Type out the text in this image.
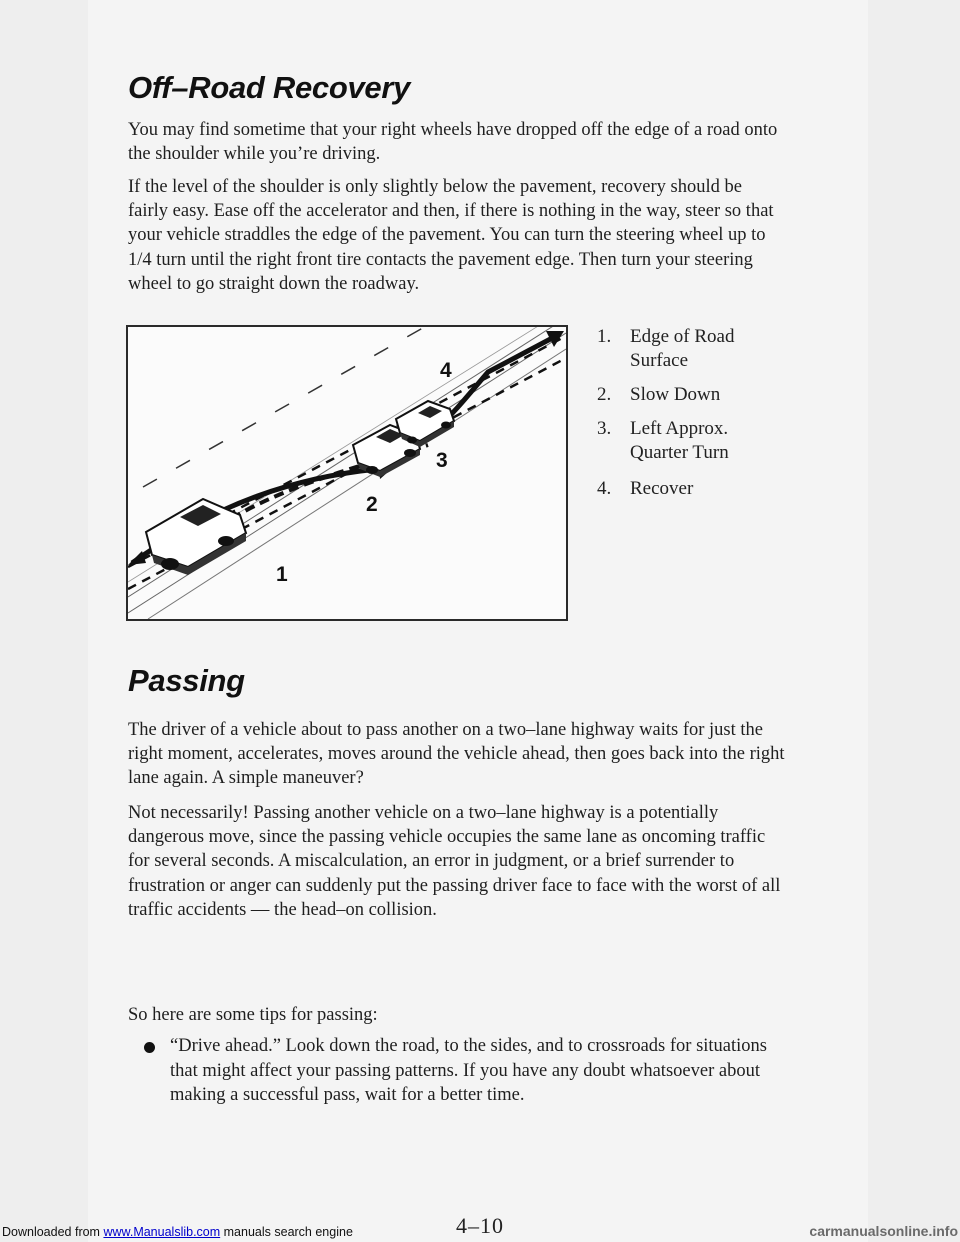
Off–Road Recovery

You may find sometime that your right wheels have dropped off the edge of a road onto the shoulder while you’re driving.

If the level of the shoulder is only slightly below the pavement, recovery should be fairly easy. Ease off the accelerator and then, if there is nothing in the way, steer so that your vehicle straddles the edge of the pavement. You can turn the steering wheel up to 1/4 turn until the right front tire contacts the pavement edge. Then turn your steering wheel to go straight down the roadway.

1
2
3
4
1. Edge of Road Surface
2. Slow Down
3. Left Approx. Quarter Turn
4. Recover
Passing

The driver of a vehicle about to pass another on a two–lane highway waits for just the right moment, accelerates, moves around the vehicle ahead, then goes back into the right lane again. A simple maneuver?

Not necessarily! Passing another vehicle on a two–lane highway is a potentially dangerous move, since the passing vehicle occupies the same lane as oncoming traffic for several seconds. A miscalculation, an error in judgment, or a brief surrender to frustration or anger can suddenly put the passing driver face to face with the worst of all traffic accidents — the head–on collision.

So here are some tips for passing:

“Drive ahead.” Look down the road, to the sides, and to crossroads for situations that might affect your passing patterns. If you have any doubt whatsoever about making a successful pass, wait for a better time.
4–10
Downloaded from www.Manualslib.com manuals search engine	carmanualsonline.info
